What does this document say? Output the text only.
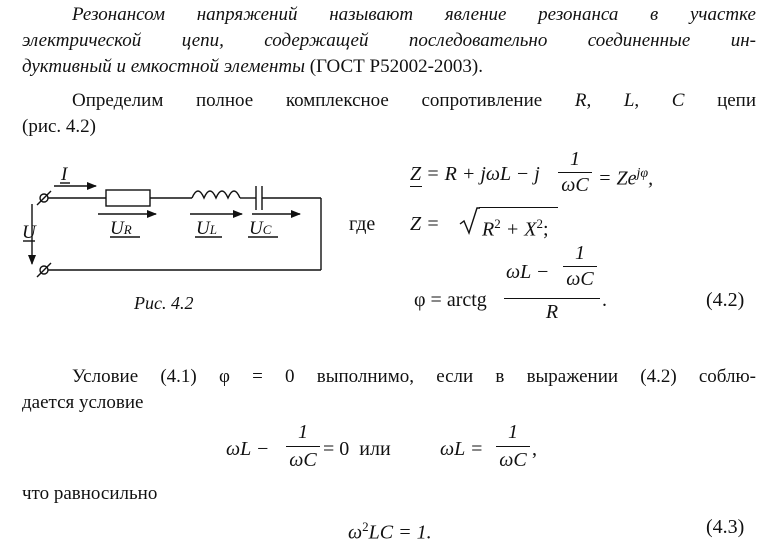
Резонансом напряжений называют явление резонанса в участке
электрической цепи, содержащей последовательно соединенные ин-
дуктивный и емкостной элементы (ГОСТ Р52002-2003).
Определим полное комплексное сопротивление R, L, C цепи
(рис. 4.2)
I
U	UR	UL UC
Рис. 4.2
Z = R + jωL − j
1
$\omega C = Ze^{j\varphi}$,
где $Z = R^2 + X^2$;
φ = arctg
ωL −
1
ωC
R
.	(4.2)
Условие (4.1) φ = 0 выполнимо, если в выражении (4.2) соблю-
дается условие
ωL −
1
ωC = 0  или ωL =
1
ωC ,
что равносильно
$\omega^2LC = 1$.	(4.3)
